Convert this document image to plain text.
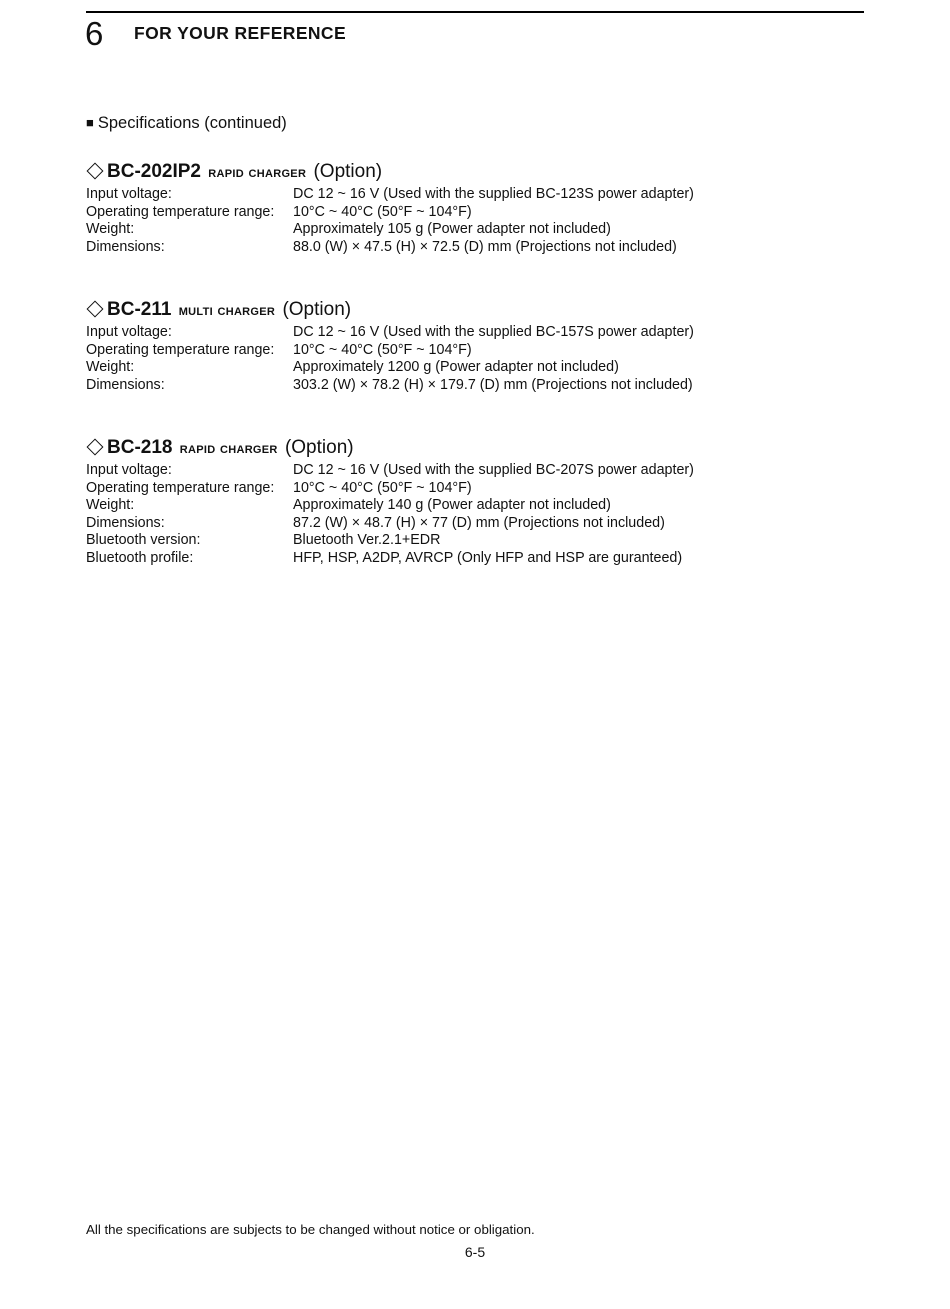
6 FOR YOUR REFERENCE
■ Specifications (continued)
BC-202IP2 rapid charger (Option)
Input voltage:	DC 12 ~ 16 V (Used with the supplied BC-123S power adapter)
Operating temperature range:	10°C ~ 40°C (50°F ~ 104°F)
Weight:	Approximately 105 g (Power adapter not included)
Dimensions:	88.0 (W) × 47.5 (H) × 72.5 (D) mm (Projections not included)
BC-211 multi charger (Option)
Input voltage:	DC 12 ~ 16 V (Used with the supplied BC-157S power adapter)
Operating temperature range:	10°C ~ 40°C (50°F ~ 104°F)
Weight:	Approximately 1200 g (Power adapter not included)
Dimensions:	303.2 (W) × 78.2 (H) × 179.7 (D) mm (Projections not included)
BC-218 rapid charger (Option)
Input voltage:	DC 12 ~ 16 V (Used with the supplied BC-207S power adapter)
Operating temperature range:	10°C ~ 40°C (50°F ~ 104°F)
Weight:	Approximately 140 g (Power adapter not included)
Dimensions:	87.2 (W) × 48.7 (H) × 77 (D) mm (Projections not included)
Bluetooth version:	Bluetooth Ver.2.1+EDR
Bluetooth profile:	HFP, HSP, A2DP, AVRCP (Only HFP and HSP are guranteed)
All the specifications are subjects to be changed without notice or obligation.
6-5
